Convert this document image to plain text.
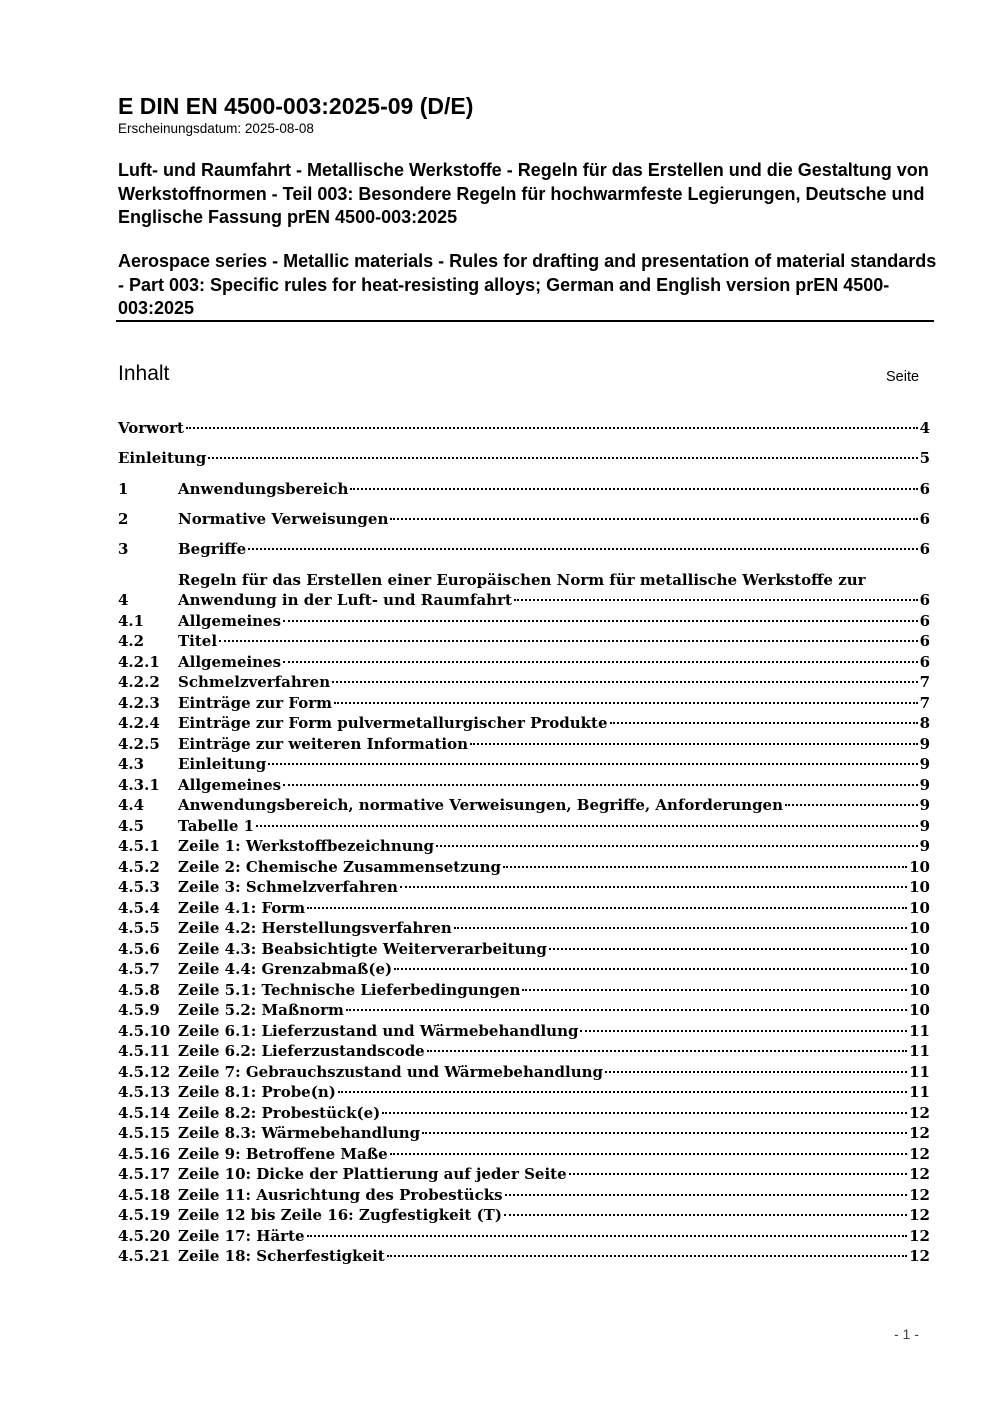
E DIN EN 4500-003:2025-09 (D/E)
Erscheinungsdatum: 2025-08-08

Luft- und Raumfahrt - Metallische Werkstoffe - Regeln für das Erstellen und die Gestaltung von Werkstoffnormen - Teil 003: Besondere Regeln für hochwarmfeste Legierungen, Deutsche und Englische Fassung prEN 4500-003:2025

Aerospace series - Metallic materials - Rules for drafting and presentation of material standards - Part 003: Specific rules for heat-resisting alloys; German and English version prEN 4500-003:2025

Inhalt	Seite
Vorwort	4
Einleitung	5
1	Anwendungsbereich	6
2	Normative Verweisungen	6
3	Begriffe	6
4
Regeln für das Erstellen einer Europäischen Norm für metallische Werkstoffe zur
Anwendung in der Luft- und Raumfahrt	6
4.1 Allgemeines	6
4.2 Titel	6
4.2.1 Allgemeines	6
4.2.2 Schmelzverfahren	7
4.2.3 Einträge zur Form	7
4.2.4 Einträge zur Form pulvermetallurgischer Produkte	8
4.2.5 Einträge zur weiteren Information	9
4.3 Einleitung	9
4.3.1 Allgemeines	9
4.4 Anwendungsbereich, normative Verweisungen, Begriffe, Anforderungen	9
4.5 Tabelle 1	9
4.5.1 Zeile 1: Werkstoffbezeichnung	9
4.5.2 Zeile 2: Chemische Zusammensetzung	10
4.5.3 Zeile 3: Schmelzverfahren	10
4.5.4 Zeile 4.1: Form	10
4.5.5 Zeile 4.2: Herstellungsverfahren	10
4.5.6 Zeile 4.3: Beabsichtigte Weiterverarbeitung	10
4.5.7 Zeile 4.4: Grenzabmaß(e)	10
4.5.8 Zeile 5.1: Technische Lieferbedingungen	10
4.5.9 Zeile 5.2: Maßnorm	10
4.5.10 Zeile 6.1: Lieferzustand und Wärmebehandlung	11
4.5.11 Zeile 6.2: Lieferzustandscode	11
4.5.12 Zeile 7: Gebrauchszustand und Wärmebehandlung	11
4.5.13 Zeile 8.1: Probe(n)	11
4.5.14 Zeile 8.2: Probestück(e)	12
4.5.15 Zeile 8.3: Wärmebehandlung	12
4.5.16 Zeile 9: Betroffene Maße	12
4.5.17 Zeile 10: Dicke der Plattierung auf jeder Seite	12
4.5.18 Zeile 11: Ausrichtung des Probestücks	12
4.5.19 Zeile 12 bis Zeile 16: Zugfestigkeit (T)	12
4.5.20 Zeile 17: Härte	12
4.5.21 Zeile 18: Scherfestigkeit	12
- 1 -
